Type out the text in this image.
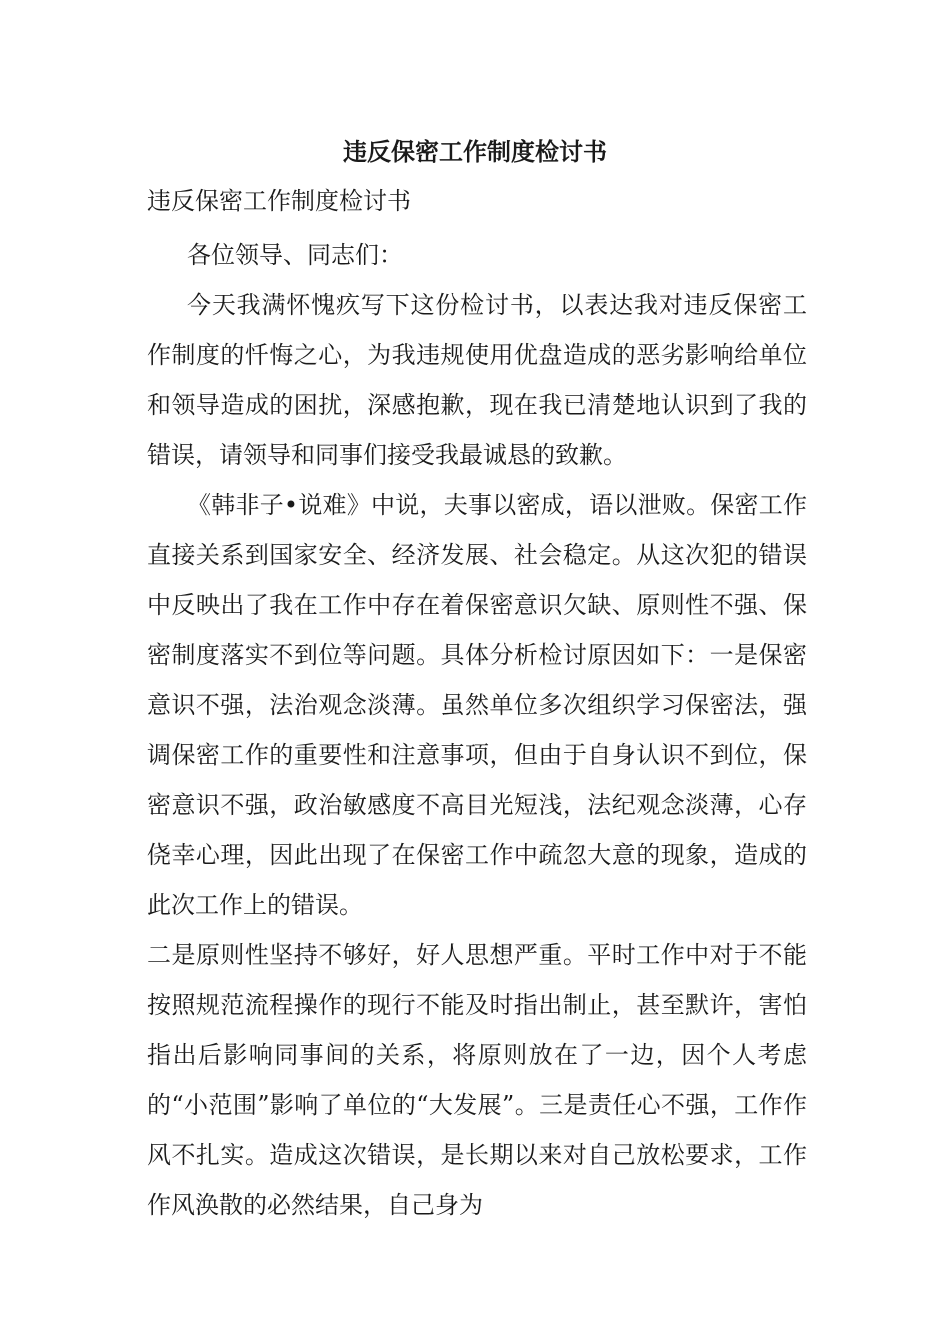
违反保密工作制度检讨书
违反保密工作制度检讨书

各位领导、同志们：

今天我满怀愧疚写下这份检讨书，以表达我对违反保密工作制度的忏悔之心，为我违规使用优盘造成的恶劣影响给单位和领导造成的困扰，深感抱歉，现在我已清楚地认识到了我的错误，请领导和同事们接受我最诚恳的致歉。

《韩非子•说难》中说，夫事以密成，语以泄败。保密工作直接关系到国家安全、经济发展、社会稳定。从这次犯的错误中反映出了我在工作中存在着保密意识欠缺、原则性不强、保密制度落实不到位等问题。具体分析检讨原因如下：一是保密意识不强，法治观念淡薄。虽然单位多次组织学习保密法，强调保密工作的重要性和注意事项，但由于自身认识不到位，保密意识不强，政治敏感度不高目光短浅，法纪观念淡薄，心存侥幸心理，因此出现了在保密工作中疏忽大意的现象，造成的此次工作上的错误。

二是原则性坚持不够好，好人思想严重。平时工作中对于不能按照规范流程操作的现行不能及时指出制止，甚至默许，害怕指出后影响同事间的关系，将原则放在了一边，因个人考虑的“小范围”影响了单位的“大发展”。三是责任心不强，工作作风不扎实。造成这次错误，是长期以来对自己放松要求，工作作风涣散的必然结果，自己身为
